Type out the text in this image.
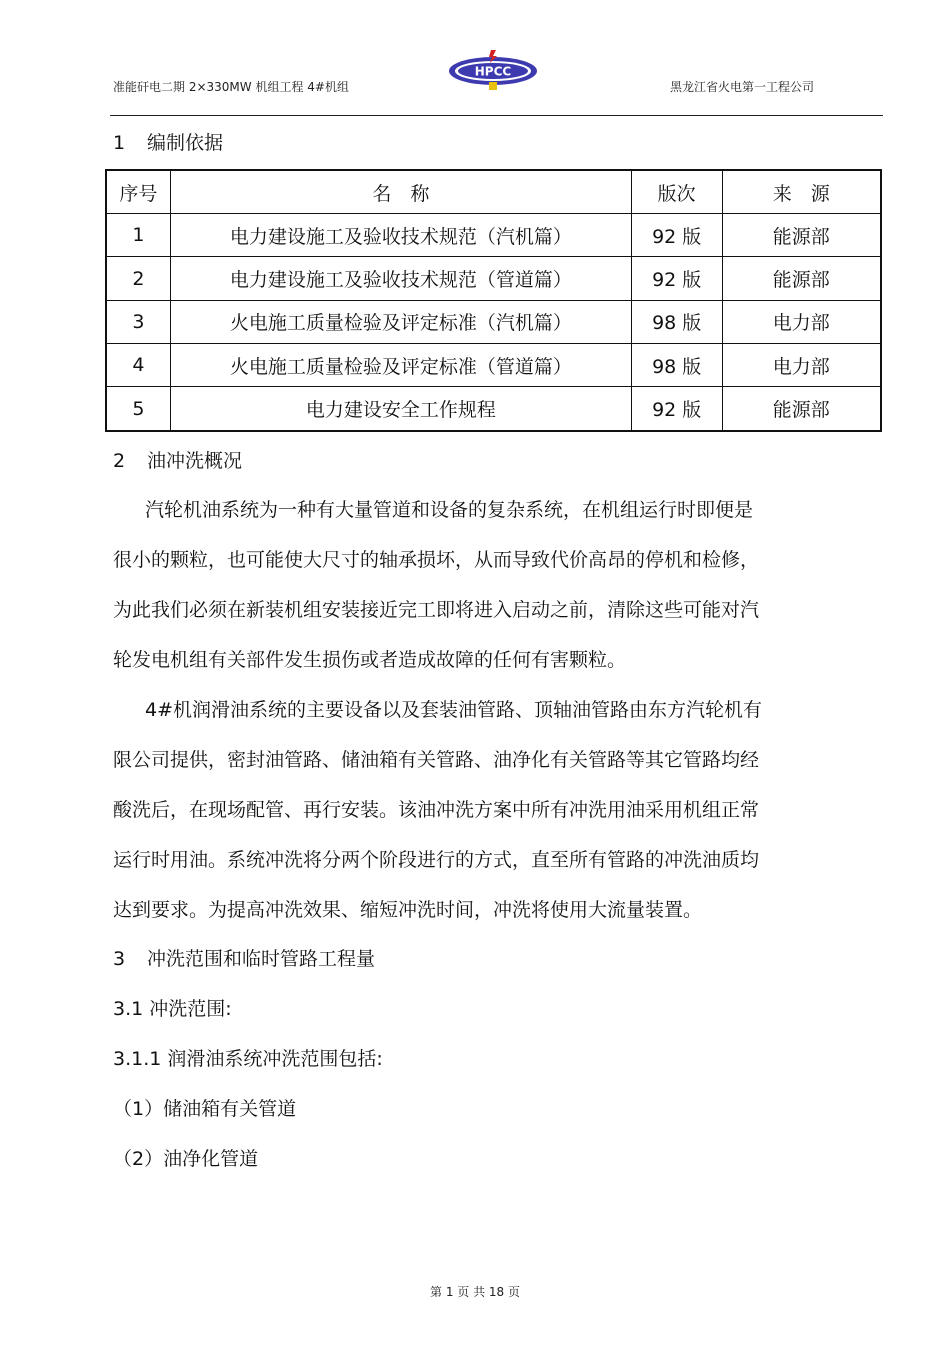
准能矸电二期 2×330MW 机组工程 4#机组
HPCC
黑龙江省火电第一工程公司
1 编制依据
序号	名　称	版次	来　源
1	电力建设施工及验收技术规范（汽机篇）	92 版	能源部
2	电力建设施工及验收技术规范（管道篇）	92 版	能源部
3	火电施工质量检验及评定标准（汽机篇）	98 版	电力部
4	火电施工质量检验及评定标准（管道篇）	98 版	电力部
5	电力建设安全工作规程	92 版	能源部
2 油冲洗概况
汽轮机油系统为一种有大量管道和设备的复杂系统，在机组运行时即便是
很小的颗粒，也可能使大尺寸的轴承损坏，从而导致代价高昂的停机和检修，
为此我们必须在新装机组安装接近完工即将进入启动之前，清除这些可能对汽
轮发电机组有关部件发生损伤或者造成故障的任何有害颗粒。
4#机润滑油系统的主要设备以及套装油管路、顶轴油管路由东方汽轮机有
限公司提供，密封油管路、储油箱有关管路、油净化有关管路等其它管路均经
酸洗后，在现场配管、再行安装。该油冲洗方案中所有冲洗用油采用机组正常
运行时用油。系统冲洗将分两个阶段进行的方式，直至所有管路的冲洗油质均
达到要求。为提高冲洗效果、缩短冲洗时间，冲洗将使用大流量装置。
3 冲洗范围和临时管路工程量
3.1 冲洗范围:
3.1.1 润滑油系统冲洗范围包括:
（1）储油箱有关管道
（2）油净化管道
第 1 页 共 18 页
